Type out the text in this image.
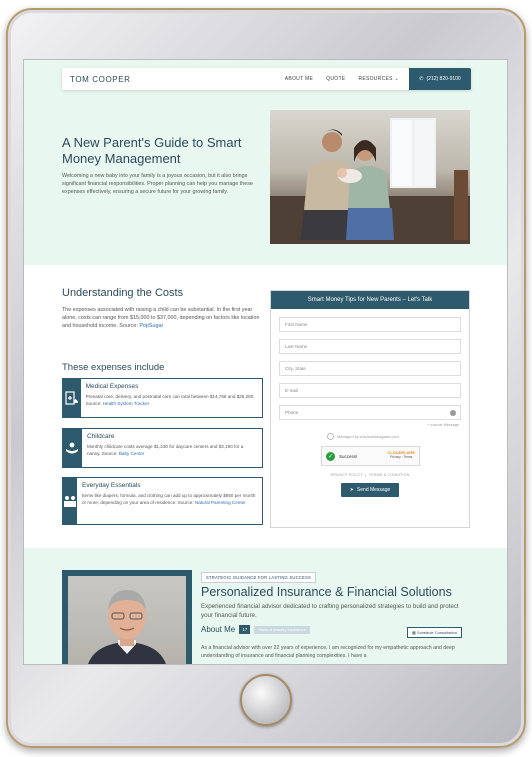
TOM COOPER	ABOUT ME	QUOTE	RESOURCES ⌄	✆ (212) 820-9100
A New Parent's Guide to Smart Money Management

Welcoming a new baby into your family is a joyous occasion, but it also brings significant financial responsibilities. Proper planning can help you manage these expenses effectively, ensuring a secure future for your growing family.

Understanding the Costs

The expenses associated with raising a child can be substantial. In the first year alone, costs can range from $15,000 to $37,000, depending on factors like location and household income. Source: PopSugar

These expenses include
Medical Expenses
Prenatal care, delivery, and postnatal care can total between $14,768 and $26,280. Source: Health System Tracker
Childcare
Monthly childcare costs average $1,230 for daycare centers and $3,190 for a nanny. Source: Baby Center
Everyday Essentials
Items like diapers, formula, and clothing can add up to approximately $950 per month or more, depending on your area of residence. Source: Natural Parenting Center
Smart Money Tips for New Parents – Let's Talk
First Name
Last Name
City, State
E-mail
Phone
+ include Message
Managed by AdvisorNavigator.com
✓	Success!
CLOUDFLARE
Privacy · Terms
PRIVACY POLICY  |  TERMS & CONDITION
➤ Send Message
STRATEGIC GUIDANCE FOR LASTING SUCCESS
Personalized Insurance & Financial Solutions

Experienced financial advisor dedicated to crafting personalized strategies to build and protect your financial future.

About Me	17	Years of industry experience
▦ Schedule Consultation

As a financial advisor with over 22 years of experience, I am recognized for my empathetic approach and deep understanding of insurance and financial planning complexities. I have a
